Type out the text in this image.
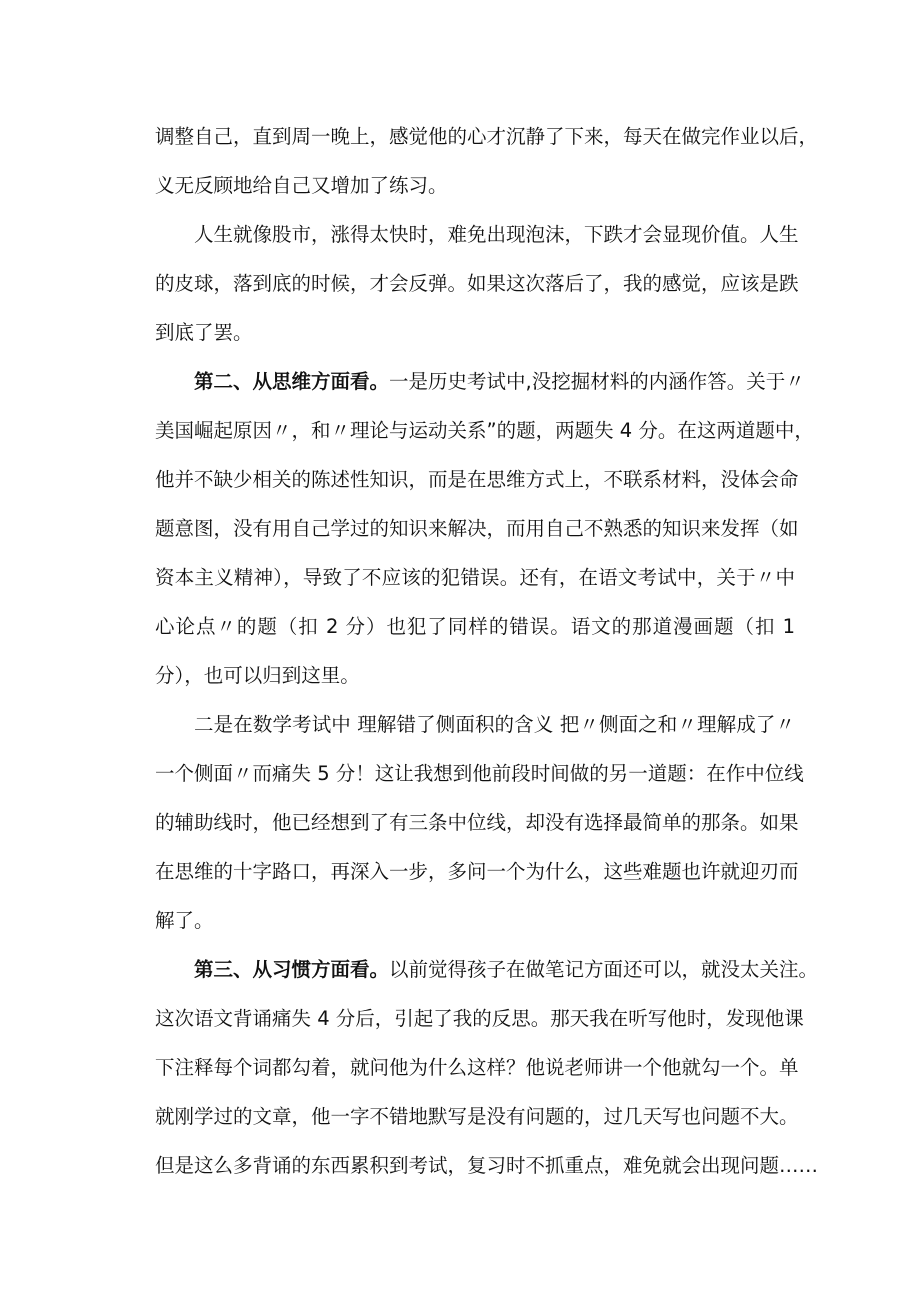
调整自己，直到周一晚上，感觉他的心才沉静了下来，每天在做完作业以后，
义无反顾地给自己又增加了练习。
人生就像股市，涨得太快时，难免出现泡沫，下跌才会显现价值。人生
的皮球，落到底的时候，才会反弹。如果这次落后了，我的感觉，应该是跌
到底了罢。
第二、从思维方面看。一是历史考试中,没挖掘材料的内涵作答。关于〃
美国崛起原因〃，和〃理论与运动关系”的题，两题失 4 分。在这两道题中，
他并不缺少相关的陈述性知识，而是在思维方式上，不联系材料，没体会命
题意图，没有用自己学过的知识来解决，而用自己不熟悉的知识来发挥（如
资本主义精神），导致了不应该的犯错误。还有，在语文考试中，关于〃中
心论点〃的题（扣 2 分）也犯了同样的错误。语文的那道漫画题（扣 1
分），也可以归到这里。
二是在数学考试中 理解错了侧面积的含义 把〃侧面之和〃理解成了〃
一个侧面〃而痛失 5 分！这让我想到他前段时间做的另一道题：在作中位线
的辅助线时，他已经想到了有三条中位线，却没有选择最简单的那条。如果
在思维的十字路口，再深入一步，多问一个为什么，这些难题也许就迎刃而
解了。
第三、从习惯方面看。以前觉得孩子在做笔记方面还可以，就没太关注。
这次语文背诵痛失 4 分后，引起了我的反思。那天我在听写他时，发现他课
下注释每个词都勾着，就问他为什么这样？他说老师讲一个他就勾一个。单
就刚学过的文章，他一字不错地默写是没有问题的，过几天写也问题不大。
但是这么多背诵的东西累积到考试，复习时不抓重点，难免就会出现问题……
